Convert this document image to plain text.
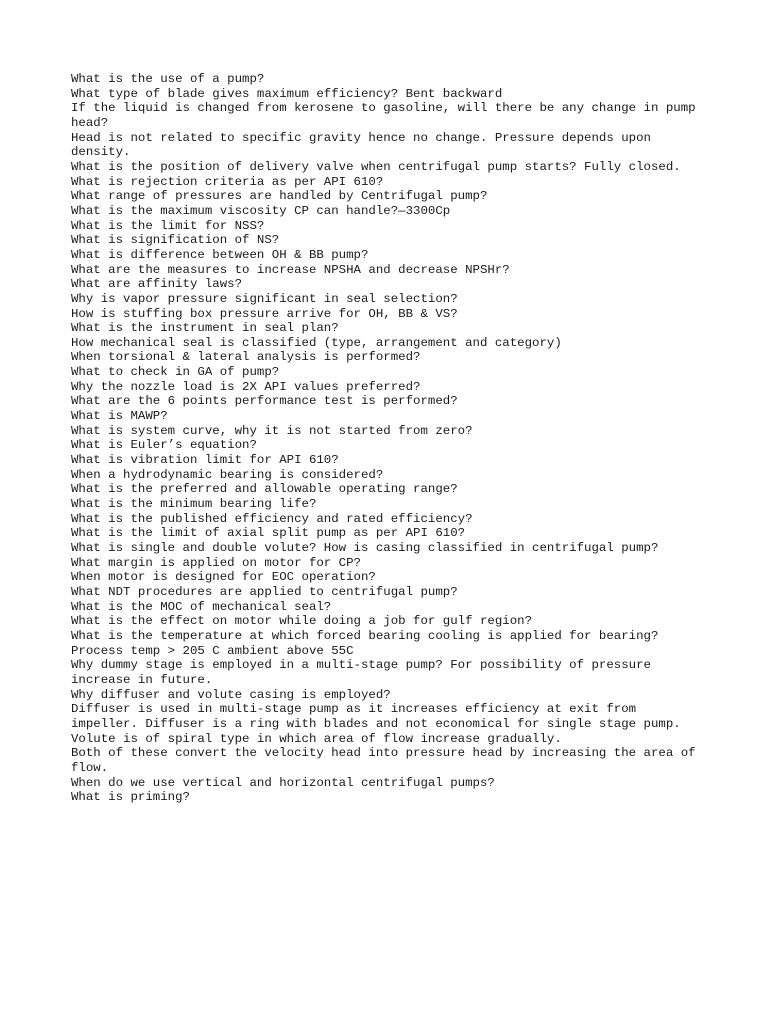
What is the use of a pump?
What type of blade gives maximum efficiency? Bent backward
If the liquid is changed from kerosene to gasoline, will there be any change in pump head?
Head is not related to specific gravity hence no change. Pressure depends upon density.
What is the position of delivery valve when centrifugal pump starts? Fully closed.
What is rejection criteria as per API 610?
What range of pressures are handled by Centrifugal pump?
What is the maximum viscosity CP can handle?—3300Cp
What is the limit for NSS?
What is signification of NS?
What is difference between OH & BB pump?
What are the measures to increase NPSHA and decrease NPSHr?
What are affinity laws?
Why is vapor pressure significant in seal selection?
How is stuffing box pressure arrive for OH, BB & VS?
What is the instrument in seal plan?
How mechanical seal is classified (type, arrangement and category)
When torsional & lateral analysis is performed?
What to check in GA of pump?
Why the nozzle load is 2X API values preferred?
What are the 6 points performance test is performed?
What is MAWP?
What is system curve, why it is not started from zero?
What is Euler’s equation?
What is vibration limit for API 610?
When a hydrodynamic bearing is considered?
What is the preferred and allowable operating range?
What is the minimum bearing life?
What is the published efficiency and rated efficiency?
What is the limit of axial split pump as per API 610?
What is single and double volute? How is casing classified in centrifugal pump?
What margin is applied on motor for CP?
When motor is designed for EOC operation?
What NDT procedures are applied to centrifugal pump?
What is the MOC of mechanical seal?
What is the effect on motor while doing a job for gulf region?
What is the temperature at which forced bearing cooling is applied for bearing? Process temp > 205 C ambient above 55C
Why dummy stage is employed in a multi-stage pump? For possibility of pressure increase in future.
Why diffuser and volute casing is employed?
Diffuser is used in multi-stage pump as it increases efficiency at exit from impeller. Diffuser is a ring with blades and not economical for single stage pump.
Volute is of spiral type in which area of flow increase gradually.
Both of these convert the velocity head into pressure head by increasing the area of flow.
When do we use vertical and horizontal centrifugal pumps?
What is priming?
